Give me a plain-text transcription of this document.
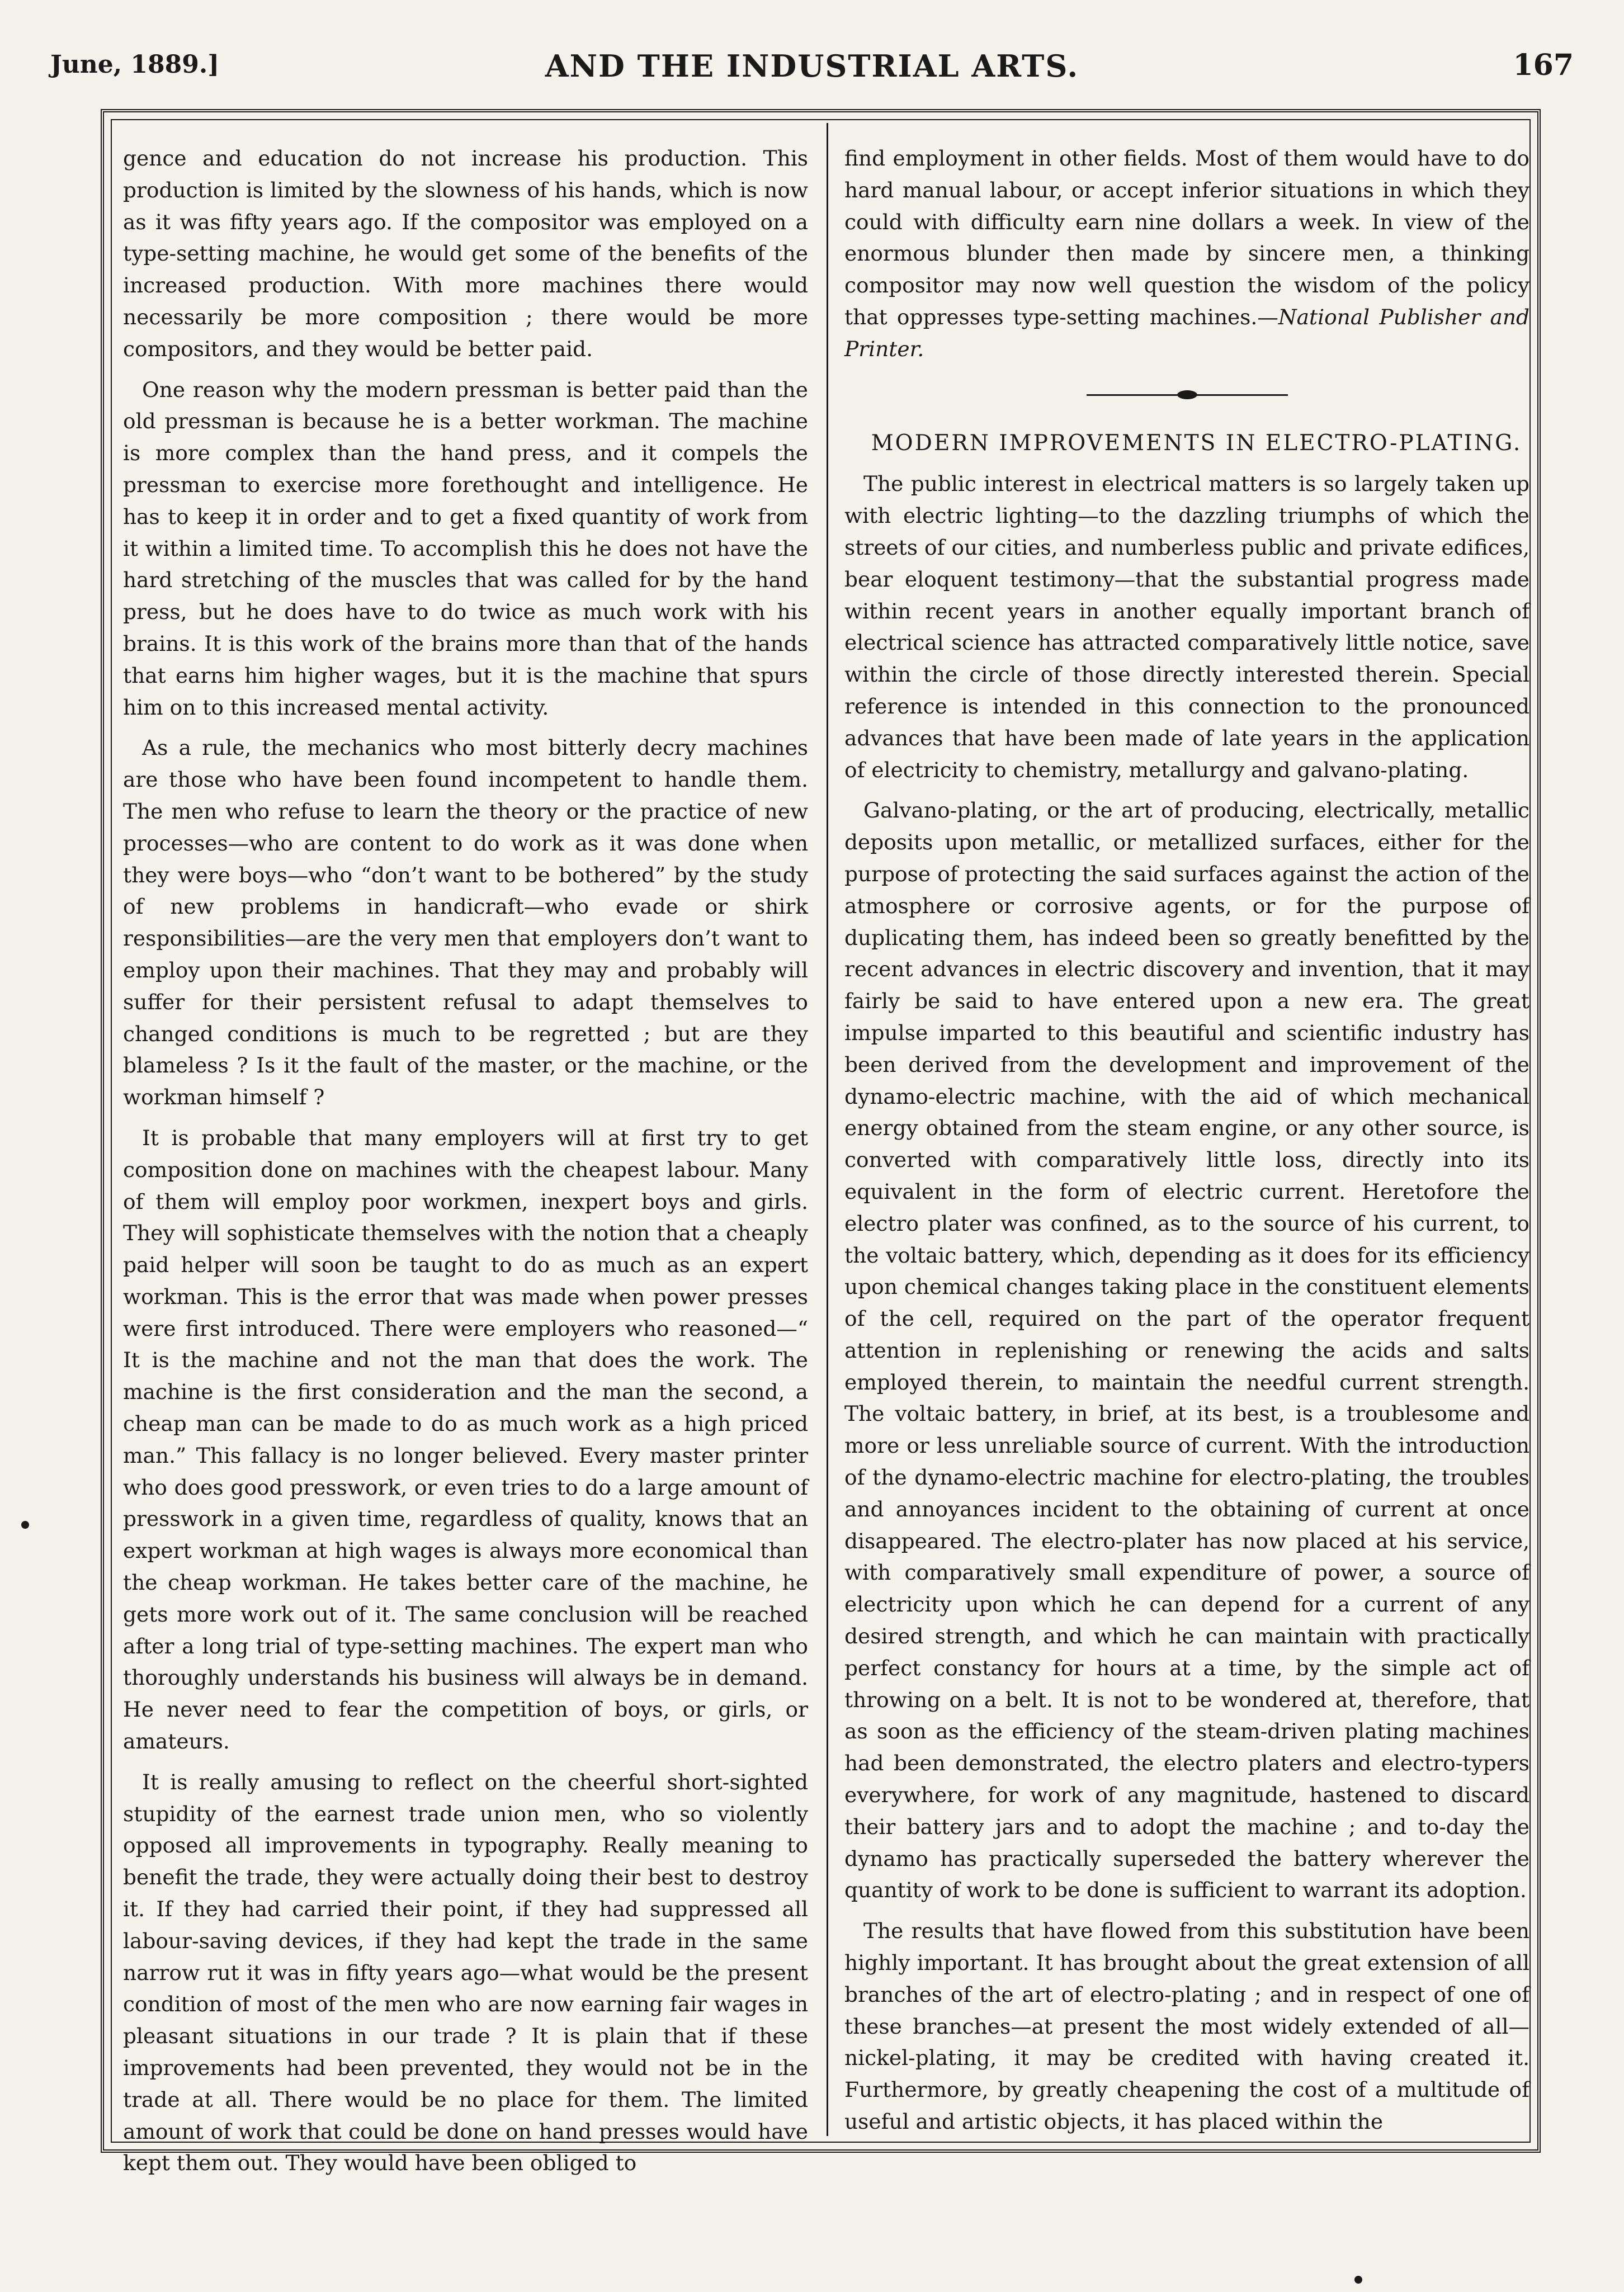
June, 1889.]	AND THE INDUSTRIAL ARTS.	167

gence and education do not increase his production. This production is limited by the slowness of his hands, which is now as it was fifty years ago. If the compositor was employed on a type-setting machine, he would get some of the benefits of the increased production. With more machines there would necessarily be more composition ; there would be more compositors, and they would be better paid.

One reason why the modern pressman is better paid than the old pressman is because he is a better workman. The machine is more complex than the hand press, and it compels the pressman to exercise more forethought and intelligence. He has to keep it in order and to get a fixed quantity of work from it within a limited time. To accomplish this he does not have the hard stretching of the muscles that was called for by the hand press, but he does have to do twice as much work with his brains. It is this work of the brains more than that of the hands that earns him higher wages, but it is the machine that spurs him on to this increased mental activity.

As a rule, the mechanics who most bitterly decry machines are those who have been found incompetent to handle them. The men who refuse to learn the theory or the practice of new processes—who are content to do work as it was done when they were boys—who “don’t want to be bothered” by the study of new problems in handicraft—who evade or shirk responsibilities—are the very men that employers don’t want to employ upon their machines. That they may and probably will suffer for their persistent refusal to adapt themselves to changed conditions is much to be regretted ; but are they blameless ? Is it the fault of the master, or the machine, or the workman himself ?

It is probable that many employers will at first try to get composition done on machines with the cheapest labour. Many of them will employ poor workmen, inexpert boys and girls. They will sophisticate themselves with the notion that a cheaply paid helper will soon be taught to do as much as an expert workman. This is the error that was made when power presses were first introduced. There were employers who reasoned—“ It is the machine and not the man that does the work. The machine is the first consideration and the man the second, a cheap man can be made to do as much work as a high priced man.” This fallacy is no longer believed. Every master printer who does good presswork, or even tries to do a large amount of presswork in a given time, regardless of quality, knows that an expert workman at high wages is always more economical than the cheap workman. He takes better care of the machine, he gets more work out of it. The same conclusion will be reached after a long trial of type-setting machines. The expert man who thoroughly understands his business will always be in demand. He never need to fear the competition of boys, or girls, or amateurs.

It is really amusing to reflect on the cheerful short-sighted stupidity of the earnest trade union men, who so violently opposed all improvements in typography. Really meaning to benefit the trade, they were actually doing their best to destroy it. If they had carried their point, if they had suppressed all labour-saving devices, if they had kept the trade in the same narrow rut it was in fifty years ago—what would be the present condition of most of the men who are now earning fair wages in pleasant situations in our trade ? It is plain that if these improvements had been prevented, they would not be in the trade at all. There would be no place for them. The limited amount of work that could be done on hand presses would have kept them out. They would have been obliged to

find employment in other fields. Most of them would have to do hard manual labour, or accept inferior situations in which they could with difficulty earn nine dollars a week. In view of the enormous blunder then made by sincere men, a thinking compositor may now well question the wisdom of the policy that oppresses type-setting machines.—National Publisher and Printer.

MODERN IMPROVEMENTS IN ELECTRO-PLATING.

The public interest in electrical matters is so largely taken up with electric lighting—to the dazzling triumphs of which the streets of our cities, and numberless public and private edifices, bear eloquent testimony—that the substantial progress made within recent years in another equally important branch of electrical science has attracted comparatively little notice, save within the circle of those directly interested therein. Special reference is intended in this connection to the pronounced advances that have been made of late years in the application of electricity to chemistry, metallurgy and galvano-plating.

Galvano-plating, or the art of producing, electrically, metallic deposits upon metallic, or metallized surfaces, either for the purpose of protecting the said surfaces against the action of the atmosphere or corrosive agents, or for the purpose of duplicating them, has indeed been so greatly benefitted by the recent advances in electric discovery and invention, that it may fairly be said to have entered upon a new era. The great impulse imparted to this beautiful and scientific industry has been derived from the development and improvement of the dynamo-electric machine, with the aid of which mechanical energy obtained from the steam engine, or any other source, is converted with comparatively little loss, directly into its equivalent in the form of electric current. Heretofore the electro plater was confined, as to the source of his current, to the voltaic battery, which, depending as it does for its efficiency upon chemical changes taking place in the constituent elements of the cell, required on the part of the operator frequent attention in replenishing or renewing the acids and salts employed therein, to maintain the needful current strength. The voltaic battery, in brief, at its best, is a troublesome and more or less unreliable source of current. With the introduction of the dynamo-electric machine for electro-plating, the troubles and annoyances incident to the obtaining of current at once disappeared. The electro-plater has now placed at his service, with comparatively small expenditure of power, a source of electricity upon which he can depend for a current of any desired strength, and which he can maintain with practically perfect constancy for hours at a time, by the simple act of throwing on a belt. It is not to be wondered at, therefore, that as soon as the efficiency of the steam-driven plating machines had been demonstrated, the electro platers and electro-typers everywhere, for work of any magnitude, hastened to discard their battery jars and to adopt the machine ; and to-day the dynamo has practically superseded the battery wherever the quantity of work to be done is sufficient to warrant its adoption.

The results that have flowed from this substitution have been highly important. It has brought about the great extension of all branches of the art of electro-plating ; and in respect of one of these branches—at present the most widely extended of all—nickel-plating, it may be credited with having created it. Furthermore, by greatly cheapening the cost of a multitude of useful and artistic objects, it has placed within the
